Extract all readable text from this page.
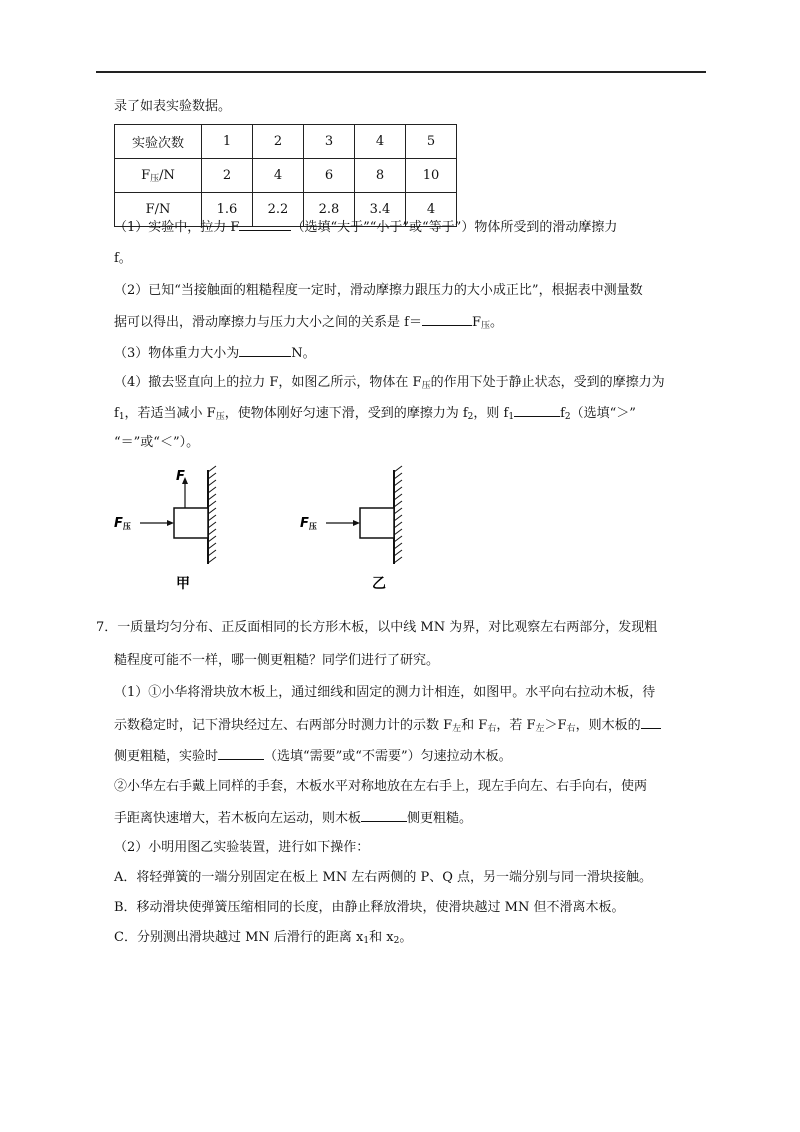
录了如表实验数据。
实验次数	1	2	3	4	5
$F_压/N$	2	4	6	8	10
F/N	1.6	2.2	2.8	3.4	4
（1）实验中，拉力 F	（选填“大于”“小于”或“等于”）物体所受到的滑动摩擦力
f。
（2）已知“当接触面的粗糙程度一定时，滑动摩擦力跟压力的大小成正比”，根据表中测量数
据可以得出，滑动摩擦力与压力大小之间的关系是 f＝	$F_压$。
（3）物体重力大小为	N。
（4）撤去竖直向上的拉力 F，如图乙所示，物体在 $F_压$的作用下处于静止状态，受到的摩擦力为
$f_1$，若适当减小 $F_压$，使物体刚好匀速下滑，受到的摩擦力为 $f_2$，则 $f_1$	$f_2$（选填“＞”
“＝”或“＜”）。
F
F压
甲
F压
乙
7．一质量均匀分布、正反面相同的长方形木板，以中线 MN 为界，对比观察左右两部分，发现粗
糙程度可能不一样，哪一侧更粗糙？同学们进行了研究。
（1）①小华将滑块放木板上，通过细线和固定的测力计相连，如图甲。水平向右拉动木板，待
示数稳定时，记下滑块经过左、右两部分时测力计的示数 $F_左$和 $F_右$，若 $F_左>F_右$，则木板的
侧更粗糙，实验时	（选填“需要”或“不需要”）匀速拉动木板。
②小华左右手戴上同样的手套，木板水平对称地放在左右手上，现左手向左、右手向右，使两
手距离快速增大，若木板向左运动，则木板	侧更粗糙。
（2）小明用图乙实验装置，进行如下操作：
A．将轻弹簧的一端分别固定在板上 MN 左右两侧的 P、Q 点，另一端分别与同一滑块接触。
B．移动滑块使弹簧压缩相同的长度，由静止释放滑块，使滑块越过 MN 但不滑离木板。
C．分别测出滑块越过 MN 后滑行的距离 $x_1$和 $x_2$。
